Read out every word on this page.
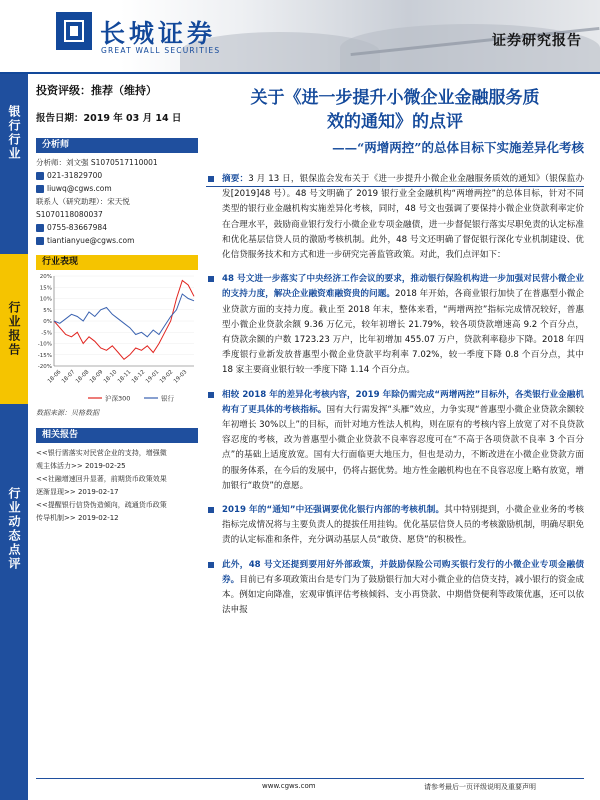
长城证券
GREAT WALL SECURITIES
证券研究报告
银行行业
行业报告
行业动态点评
投资评级：推荐（维持）
报告日期：2019 年 03 月 14 日
分析师
分析师：刘文强 S1070517110001
021-31829700
liuwq@cgws.com
联系人（研究助理）：宋天悦
S1070118080037
0755-83667984
tiantianyue@cgws.com
行业表现
20%
15%
10%
5%
0%
-5%
-10%
-15%
-20%
18-06
18-07
18-08
18-09
18-10
18-11
18-12
19-01
19-02
19-03
沪深300	银行
数据来源：贝格数据
相关报告
<<银行需落实对民营企业的支持，增强微
观主体活力>> 2019-02-25
<<社融增速回升显著，前期货币政策效果
逐渐显现>> 2019-02-17
<<提醒银行信贷伪造倾向，疏通货币政策
传导机制>> 2019-02-12
关于《进一步提升小微企业金融服务质
效的通知》的点评
——“两增两控”的总体目标下实施差异化考核
摘要：3 月 13 日，银保监会发布关于《进一步提升小微企业金融服务质效的通知》（银保监办发[2019]48 号）。48 号文明确了 2019 银行业全金融机构“两增两控”的总体目标，针对不同类型的银行业金融机构实施差异化考核，同时，48 号文也强调了要保持小微企业贷款利率定价在合理水平，鼓励商业银行发行小微企业专项金融债，进一步督促银行落实尽职免责的认定标准和优化基层信贷人员的激励考核机制。此外，48 号文还明确了督促银行深化专业机制建设、优化信贷服务技术和方式和进一步研究完善监管政策。对此，我们点评如下：
48 号文进一步落实了中央经济工作会议的要求，推动银行保险机构进一步加强对民营小微企业的支持力度，解决企业融资难融资贵的问题。2018 年开始，各商业银行加快了在普惠型小微企业贷款方面的支持力度。截止至 2018 年末，整体来看，“两增两控”指标完成情况较好，普惠型小微企业贷款余额 9.36 万亿元，较年初增长 21.79%，较各项贷款增速高 9.2 个百分点，有贷款余额的户数 1723.23 万户，比年初增加 455.07 万户，贷款利率稳步下降。2018 年四季度银行业新发放普惠型小微企业贷款平均利率 7.02%，较一季度下降 0.8 个百分点，其中 18 家主要商业银行较一季度下降 1.14 个百分点。
相较 2018 年的差异化考核内容，2019 年除仍需完成“两增两控”目标外，各类银行业金融机构有了更具体的考核指标。国有大行需发挥“头雁”效应，力争实现“普惠型小微企业贷款余额较年初增长 30%以上”的目标，而针对地方性法人机构，则在原有的考核内容上放宽了对不良贷款容忍度的考核，改为普惠型小微企业贷款不良率容忍度可在“不高于各项贷款不良率 3 个百分点”的基础上适度放宽。国有大行面临更大地压力，但也是动力，不断改进在小微企业贷款方面的服务体系，在今后的发展中，仍将占据优势。地方性金融机构也在不良容忍度上略有放宽，增加银行“敢贷”的意愿。
2019 年的“通知”中还强调要优化银行内部的考核机制。其中特别提到，小微企业业务的考核指标完成情况将与主要负责人的提拔任用挂钩。优化基层信贷人员的考核激励机制，明确尽职免责的认定标准和条件，充分调动基层人员“敢贷、愿贷”的积极性。
此外，48 号文还提到要用好外部政策，并鼓励保险公司购买银行发行的小微企业专项金融债券。目前已有多项政策出台是专门为了鼓励银行加大对小微企业的信贷支持，减小银行的资金成本。例如定向降准，宏观审慎评估考核倾斜、支小再贷款、中期借贷便利等政策优惠，还可以依法申报
www.cgws.com	请参考最后一页评级说明及重要声明
